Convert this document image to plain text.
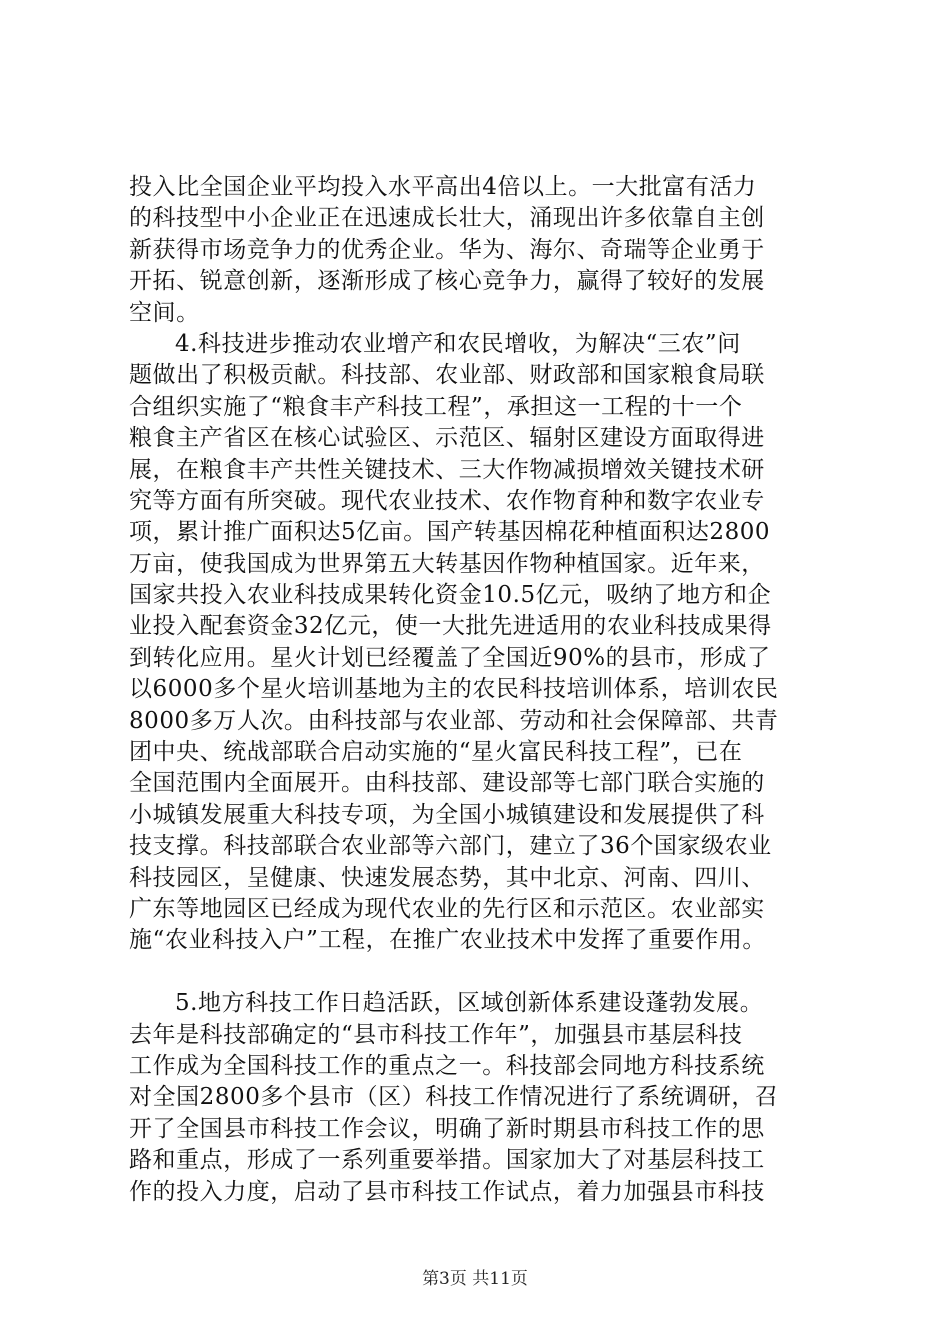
投入比全国企业平均投入水平高出4倍以上。一大批富有活力
的科技型中小企业正在迅速成长壮大，涌现出许多依靠自主创
新获得市场竞争力的优秀企业。华为、海尔、奇瑞等企业勇于
开拓、锐意创新，逐渐形成了核心竞争力，赢得了较好的发展
空间。
4.科技进步推动农业增产和农民增收，为解决“三农”问
题做出了积极贡献。科技部、农业部、财政部和国家粮食局联
合组织实施了“粮食丰产科技工程”，承担这一工程的十一个
粮食主产省区在核心试验区、示范区、辐射区建设方面取得进
展，在粮食丰产共性关键技术、三大作物减损增效关键技术研
究等方面有所突破。现代农业技术、农作物育种和数字农业专
项，累计推广面积达5亿亩。国产转基因棉花种植面积达2800
万亩，使我国成为世界第五大转基因作物种植国家。近年来，
国家共投入农业科技成果转化资金10.5亿元，吸纳了地方和企
业投入配套资金32亿元，使一大批先进适用的农业科技成果得
到转化应用。星火计划已经覆盖了全国近90%的县市，形成了
以6000多个星火培训基地为主的农民科技培训体系，培训农民
8000多万人次。由科技部与农业部、劳动和社会保障部、共青
团中央、统战部联合启动实施的“星火富民科技工程”，已在
全国范围内全面展开。由科技部、建设部等七部门联合实施的
小城镇发展重大科技专项，为全国小城镇建设和发展提供了科
技支撑。科技部联合农业部等六部门，建立了36个国家级农业
科技园区，呈健康、快速发展态势，其中北京、河南、四川、
广东等地园区已经成为现代农业的先行区和示范区。农业部实
施“农业科技入户”工程，在推广农业技术中发挥了重要作用。
5.地方科技工作日趋活跃，区域创新体系建设蓬勃发展。
去年是科技部确定的“县市科技工作年”，加强县市基层科技
工作成为全国科技工作的重点之一。科技部会同地方科技系统
对全国2800多个县市（区）科技工作情况进行了系统调研，召
开了全国县市科技工作会议，明确了新时期县市科技工作的思
路和重点，形成了一系列重要举措。国家加大了对基层科技工
作的投入力度，启动了县市科技工作试点，着力加强县市科技
第3页 共11页
